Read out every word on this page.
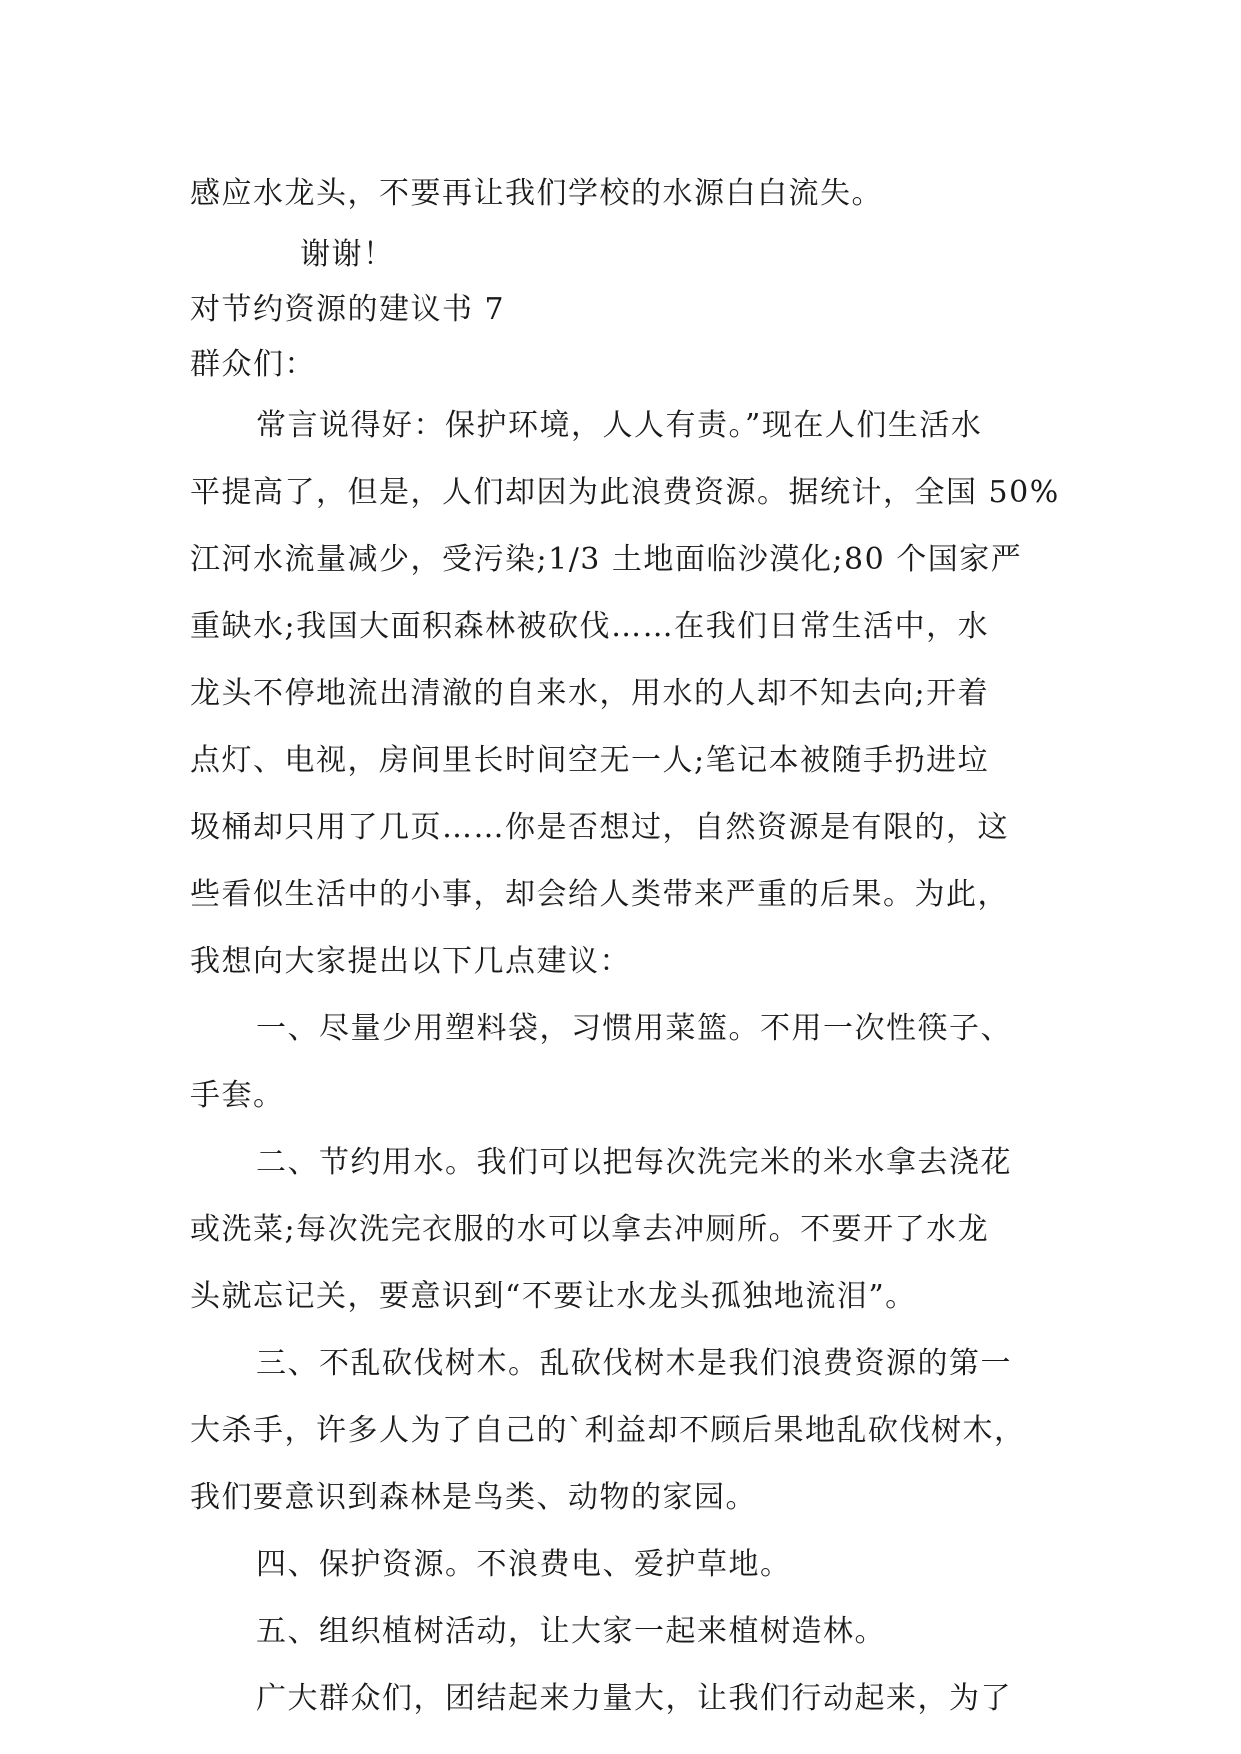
感应水龙头，不要再让我们学校的水源白白流失。
谢谢！
对节约资源的建议书 7
群众们：
常言说得好：保护环境，人人有责。”现在人们生活水
平提高了，但是，人们却因为此浪费资源。据统计，全国 50%
江河水流量减少，受污染;1/3 土地面临沙漠化;80 个国家严
重缺水;我国大面积森林被砍伐……在我们日常生活中，水
龙头不停地流出清澈的自来水，用水的人却不知去向;开着
点灯、电视，房间里长时间空无一人;笔记本被随手扔进垃
圾桶却只用了几页……你是否想过，自然资源是有限的，这
些看似生活中的小事，却会给人类带来严重的后果。为此，
我想向大家提出以下几点建议：
一、尽量少用塑料袋，习惯用菜篮。不用一次性筷子、
手套。
二、节约用水。我们可以把每次洗完米的米水拿去浇花
或洗菜;每次洗完衣服的水可以拿去冲厕所。不要开了水龙
头就忘记关，要意识到“不要让水龙头孤独地流泪”。
三、不乱砍伐树木。乱砍伐树木是我们浪费资源的第一
大杀手，许多人为了自己的`利益却不顾后果地乱砍伐树木，
我们要意识到森林是鸟类、动物的家园。
四、保护资源。不浪费电、爱护草地。
五、组织植树活动，让大家一起来植树造林。
广大群众们，团结起来力量大，让我们行动起来，为了
